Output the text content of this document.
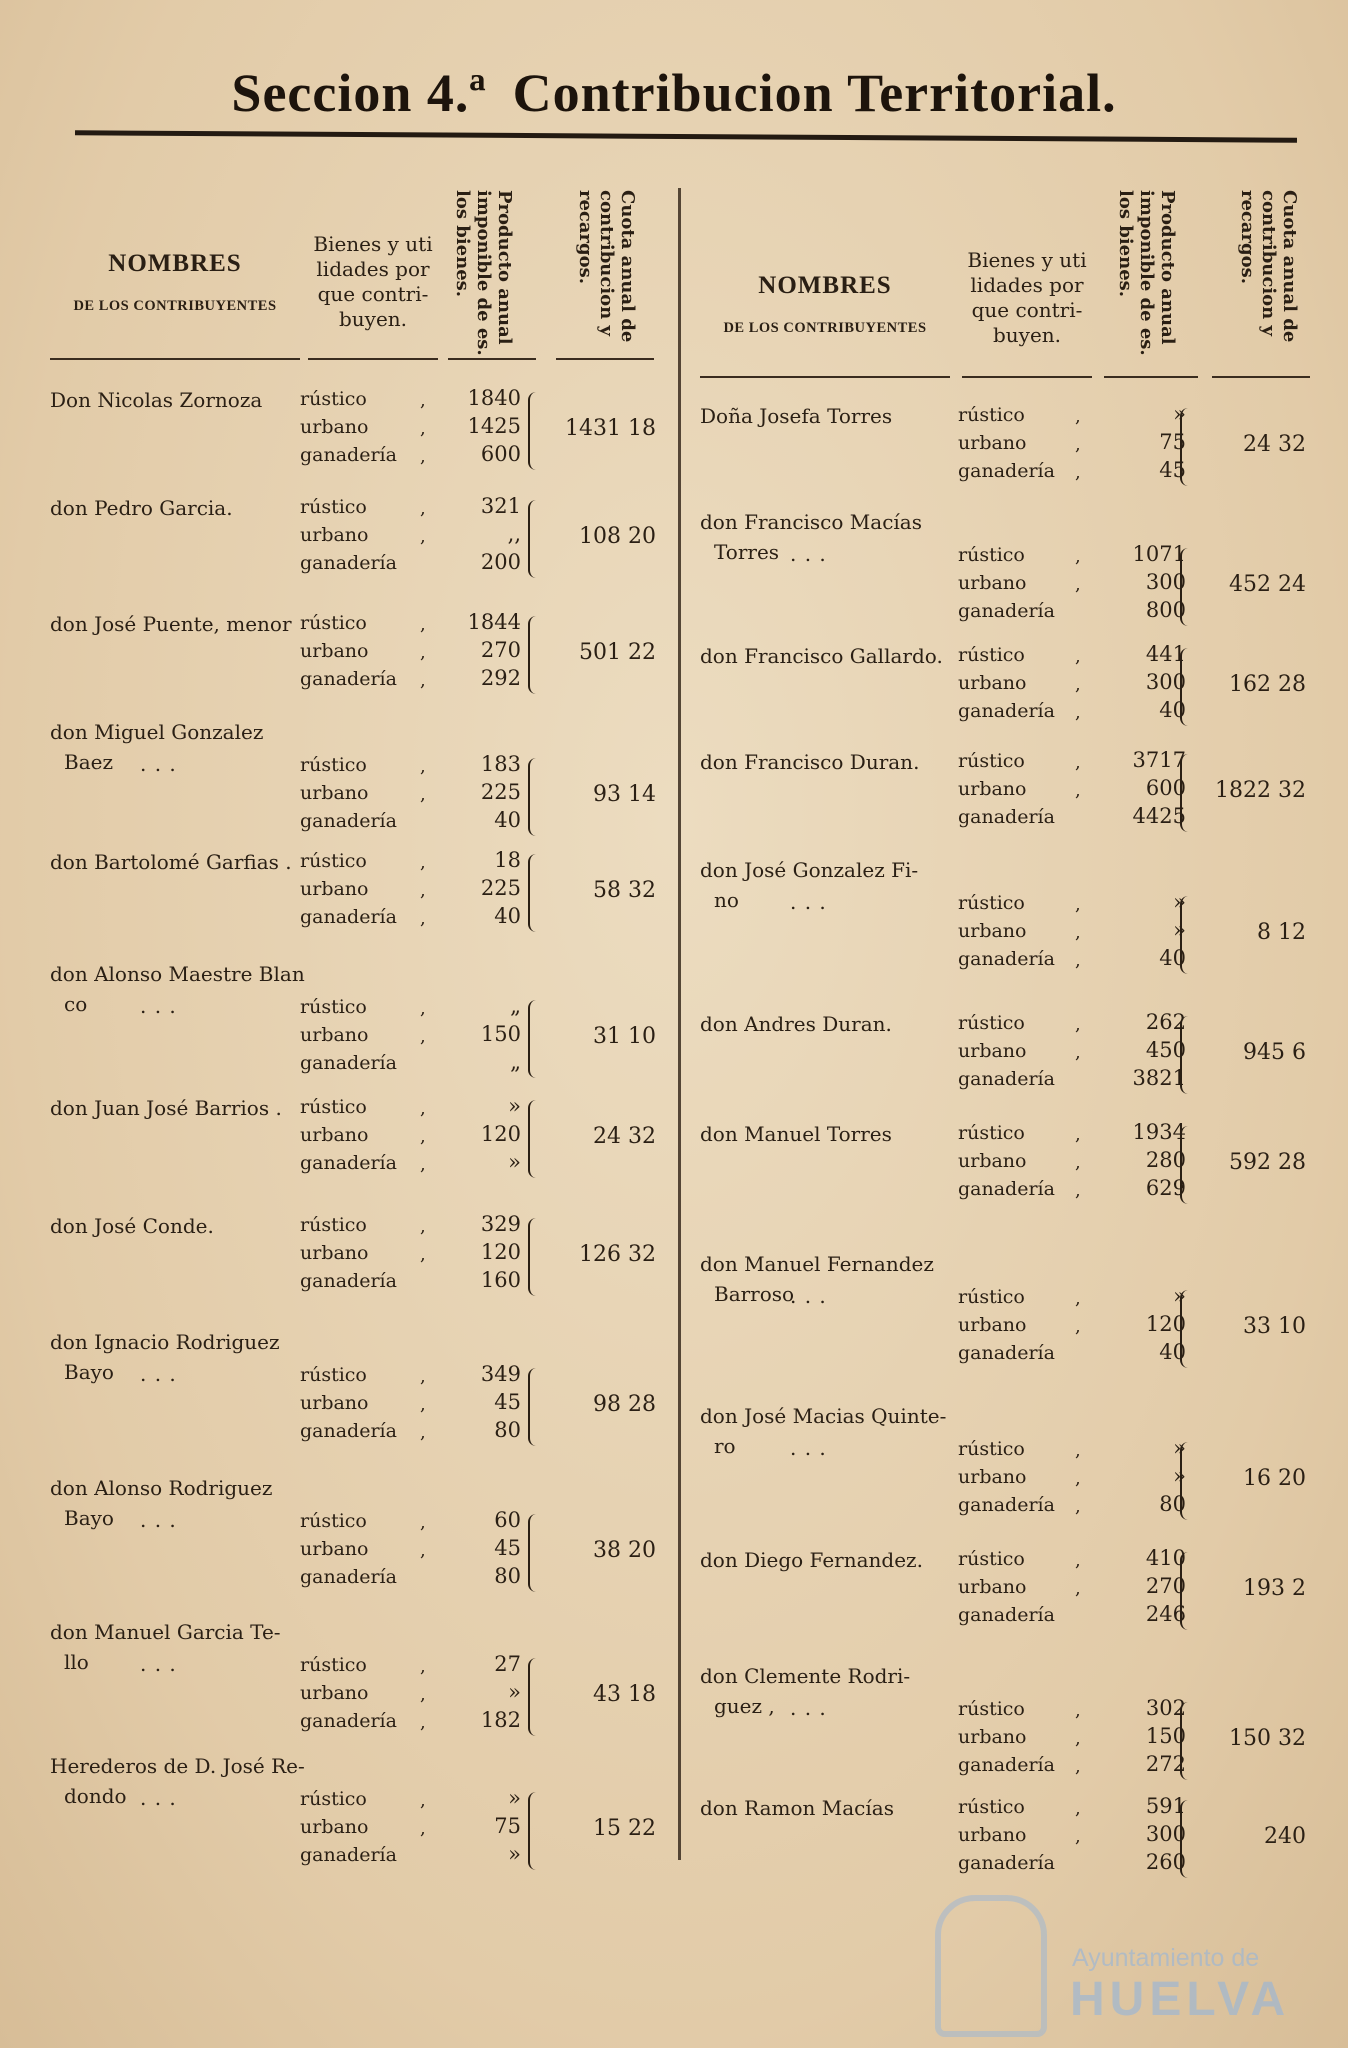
Seccion 4.ª Contribucion Territorial.
NOMBRES
DE LOS CONTRIBUYENTES
Bienes y uti lidades por que contri- buyen.	Producto anual imponible de es. los bienes.	Cuota anual de contribucion y recargos.
NOMBRES
DE LOS CONTRIBUYENTES
Bienes y uti lidades por que contri- buyen.	Producto anual imponible de es. los bienes.	Cuota anual de contribucion y recargos.
Don Nicolas Zornoza rústico	,	1840
urbano	,	1425
ganadería ,	600
1431 18
don Pedro Garcia.	rústico	,	321
urbano	,	,,
ganadería	200
108 20
don José Puente, menor rústico	,	1844
urbano	,	270
ganadería ,	292
501 22
don Miguel Gonzalez
Baez . . .	rústico	,	183
urbano	,	225
ganadería	40
93 14
don Bartolomé Garfias . rústico	,	18
urbano	,	225
ganadería ,	40
58 32
don Alonso Maestre Blan
co	. . .	rústico	,	„
urbano	,	150
ganadería	„
31 10
don Juan José Barrios . rústico	,	»
urbano	,	120
ganadería ,	»
24 32
don José Conde.	rústico	,	329
urbano	,	120
ganadería	160
126 32
don Ignacio Rodriguez
Bayo . . .	rústico	,	349
urbano	,	45
ganadería ,	80
98 28
don Alonso Rodriguez
Bayo . . .	rústico	,	60
urbano	,	45
ganadería	80
38 20
don Manuel Garcia Te-
llo	. . .	rústico	,	27
urbano	,	»
ganadería ,	182
43 18
Herederos de D. José Re-
dondo . . .	rústico	,	»
urbano	,	75
ganadería	»
15 22
Doña Josefa Torres	rústico	,	»
urbano	,	75
ganadería ,	45
24 32
don Francisco Macías
Torres . . .	rústico	,	1071
urbano	,	300
ganadería	800
452 24
don Francisco Gallardo. rústico	,	441
urbano	,	300
ganadería ,	40
162 28
don Francisco Duran. rústico	,	3717
urbano	,	600
ganadería	4425
1822 32
don José Gonzalez Fi-
no	. . .	rústico	,	»
urbano	,	»
ganadería ,	40
8 12
don Andres Duran.	rústico	,	262
urbano	,	450
ganadería	3821
945 6
don Manuel Torres	rústico	,	1934
urbano	,	280
ganadería ,	629
592 28
don Manuel Fernandez
Barroso
. . .	rústico	,	»
urbano	,	120
ganadería	40
33 10
don José Macias Quinte-
ro	. . .	rústico	,	»
urbano	,	»
ganadería ,	80
16 20
don Diego Fernandez. rústico	,	410
urbano	,	270
ganadería	246
193 2
don Clemente Rodri-
guez , . . .	rústico	,	302
urbano	,	150
ganadería ,	272
150 32
don Ramon Macías	rústico	,	591
urbano	,	300
ganadería	260
240
Ayuntamiento de
HUELVA
